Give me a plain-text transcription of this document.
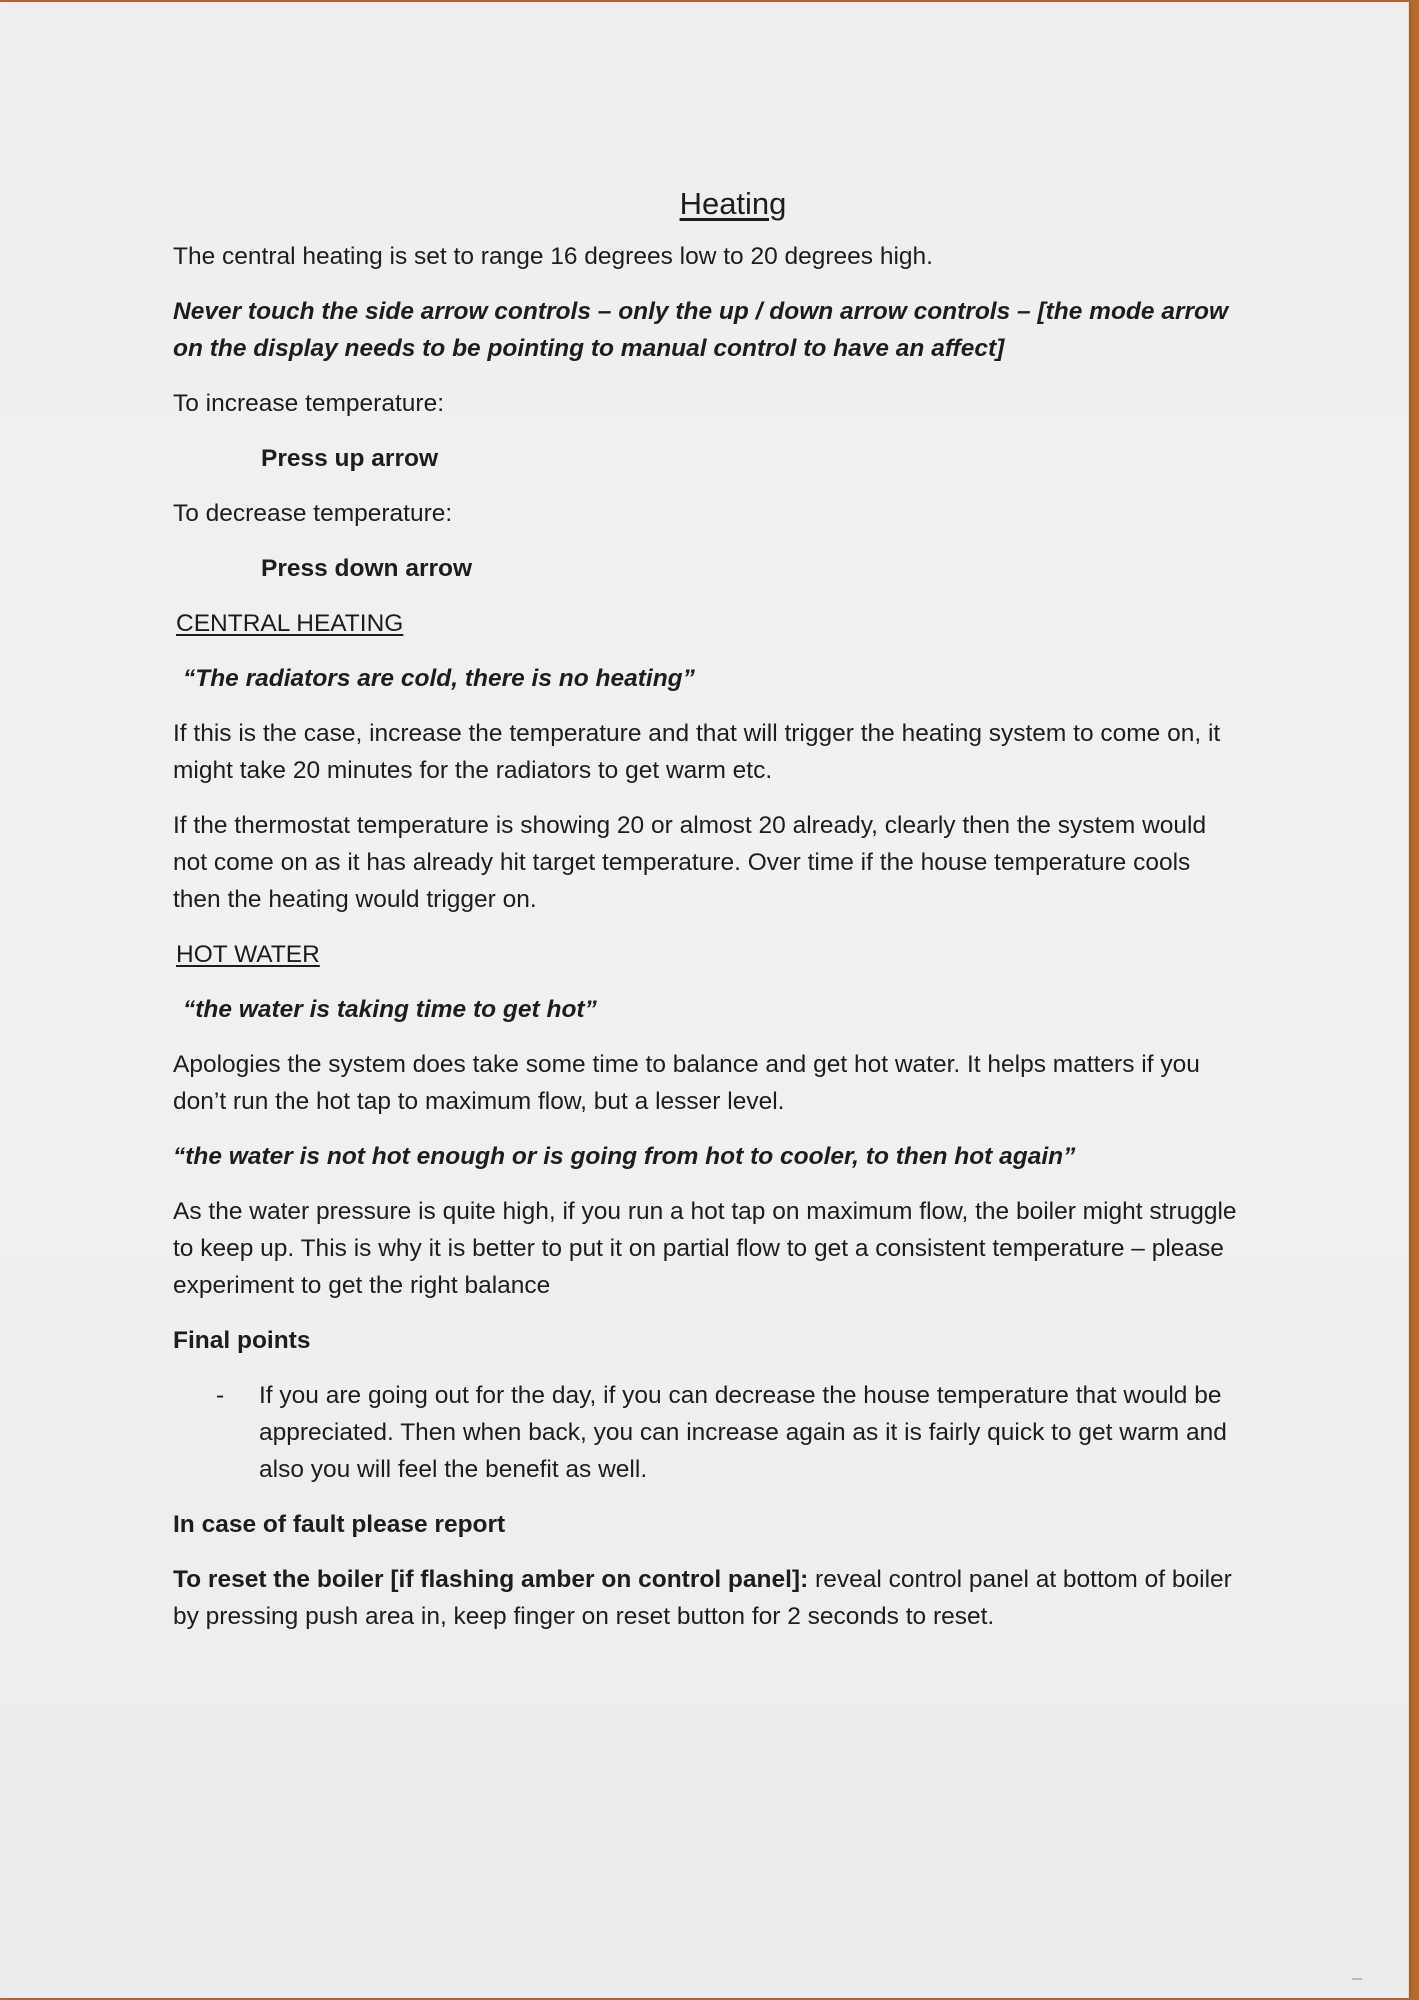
Heating

The central heating is set to range 16 degrees low to 20 degrees high.

Never touch the side arrow controls – only the up / down arrow controls – [the mode arrow on the display needs to be pointing to manual control to have an affect]

To increase temperature:

Press up arrow

To decrease temperature:

Press down arrow

CENTRAL HEATING

“The radiators are cold, there is no heating”

If this is the case, increase the temperature and that will trigger the heating system to come on, it might take 20 minutes for the radiators to get warm etc.

If the thermostat temperature is showing 20 or almost 20 already, clearly then the system would not come on as it has already hit target temperature. Over time if the house temperature cools then the heating would trigger on.

HOT WATER

“the water is taking time to get hot”

Apologies the system does take some time to balance and get hot water. It helps matters if you don’t run the hot tap to maximum flow, but a lesser level.

“the water is not hot enough or is going from hot to cooler, to then hot again”

As the water pressure is quite high, if you run a hot tap on maximum flow, the boiler might struggle to keep up. This is why it is better to put it on partial flow to get a consistent temperature – please experiment to get the right balance

Final points

-	If you are going out for the day, if you can decrease the house temperature that would be appreciated. Then when back, you can increase again as it is fairly quick to get warm and also you will feel the benefit as well.

In case of fault please report

To reset the boiler [if flashing amber on control panel]: reveal control panel at bottom of boiler by pressing push area in, keep finger on reset button for 2 seconds to reset.
